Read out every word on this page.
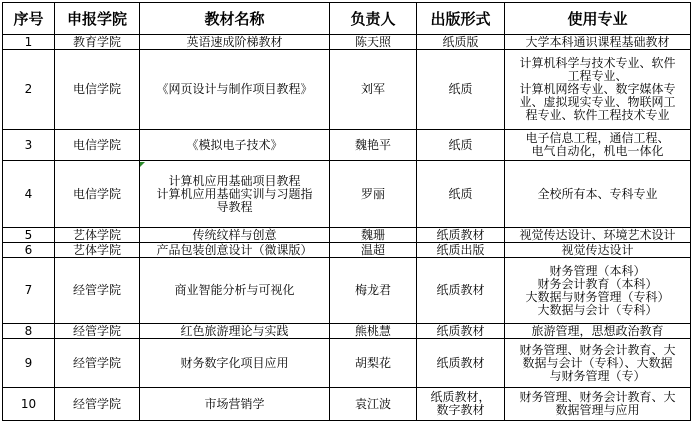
序号	申报学院	教材名称	负责人	出版形式	使用专业
1	教育学院	英语速成阶梯教材	陈天照	纸质版	大学本科通识课程基础教材
2	电信学院	《网页设计与制作项目教程》	刘军	纸质	计算机科学与技术专业、软件
工程专业、
计算机网络专业、数字媒体专
业、虚拟现实专业、物联网工
程专业、软件工程技术专业
3	电信学院	《模拟电子技术》	魏艳平	纸质	电子信息工程，通信工程、
电气自动化，机电一体化
4	电信学院	计算机应用基础项目教程
计算机应用基础实训与习题指
导教程	罗丽	纸质	全校所有本、专科专业
5	艺体学院	传统纹样与创意	魏珊	纸质教材	视觉传达设计、环境艺术设计
6	艺体学院	产品包装创意设计（微课版）	温超	纸质出版	视觉传达设计
7	经管学院	商业智能分析与可视化	梅龙君	纸质教材	财务管理（本科）
财务会计教育（本科）
大数据与财务管理（专科）
大数据与会计（专科）
8	经管学院	红色旅游理论与实践	熊桃慧	纸质教材	旅游管理，思想政治教育
9	经管学院	财务数字化项目应用	胡梨花	纸质教材	财务管理、财务会计教育、大
数据与会计（专科）、大数据
与财务管理（专）
10	经管学院	市场营销学	袁江波	纸质教材，
数字教材	财务管理、财务会计教育、大
数据管理与应用
